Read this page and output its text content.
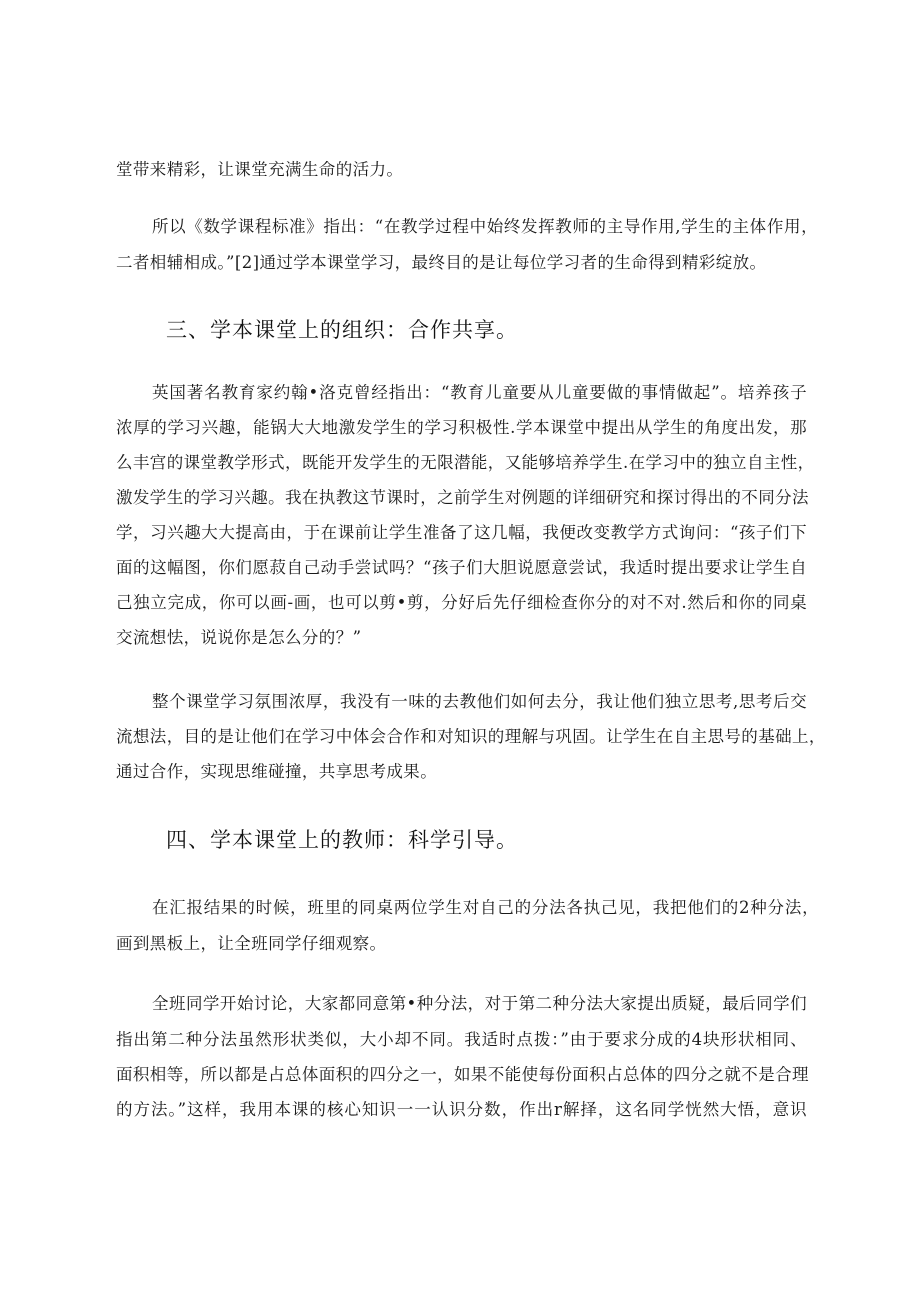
堂带来精彩，让课堂充满生命的活力。
所以《数学课程标准》指出：“在教学过程中始终发挥教师的主导作用,学生的主体作用，
二者相辅相成。”[2]通过学本课堂学习，最终目的是让每位学习者的生命得到精彩绽放。
三、学本课堂上的组织：合作共享。
英国著名教育家约翰•洛克曾经指出：“教育儿童要从儿童要做的事情做起”。培养孩子
浓厚的学习兴趣，能锅大大地激发学生的学习积极性.学本课堂中提出从学生的角度出发，那
么丰宫的课堂教学形式，既能开发学生的无限潜能，又能够培养学生.在学习中的独立自主性，
激发学生的学习兴趣。我在执教这节课时，之前学生对例题的详细研究和探讨得出的不同分法
学，习兴趣大大提高由，于在课前让学生准备了这几幅，我便改变教学方式询问：“孩子们下
面的这幅图，你们愿菽自己动手尝试吗？“孩子们大胆说愿意尝试，我适时提出要求让学生自
己独立完成，你可以画-画，也可以剪•剪，分好后先仔细检查你分的对不对.然后和你的同桌
交流想怯，说说你是怎么分的？”
整个课堂学习氛围浓厚，我没有一味的去教他们如何去分，我让他们独立思考,思考后交
流想法，目的是让他们在学习中体会合作和对知识的理解与巩固。让学生在自主思号的基础上，
通过合作，实现思维碰撞，共享思考成果。
四、学本课堂上的教师：科学引导。
在汇报结果的时候，班里的同桌两位学生对自己的分法各执己见，我把他们的2种分法，
画到黑板上，让全班同学仔细观察。
全班同学开始讨论，大家都同意第•种分法，对于第二种分法大家提出质疑，最后同学们
指出第二种分法虽然形状类似，大小却不同。我适时点拨：”由于要求分成的4块形状相同、
面积相等，所以都是占总体面积的四分之一，如果不能使每份面积占总体的四分之就不是合理
的方法。”这样，我用本课的核心知识一一认识分数，作出r解择，这名同学恍然大悟，意识
